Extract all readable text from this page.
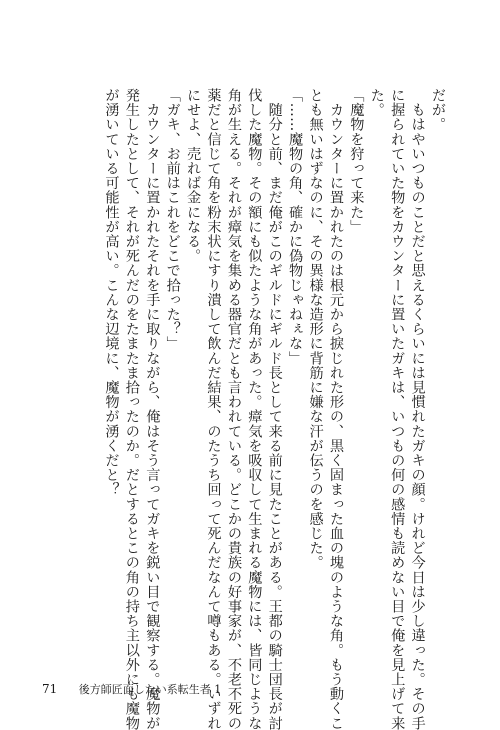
だが。

　もはやいつものことだと思えるくらいには見慣れたガキの顔。けれど今日は少し違った。その手

に握られていた物をカウンターに置いたガキは、いつもの何の感情も読めない目で俺を見上げて来

た。

「魔物を狩って来た」

　カウンターに置かれたのは根元から捩じれた形の、黒く固まった血の塊のような角。もう動くこ

とも無いはずなのに、その異様な造形に背筋に嫌な汗が伝うのを感じた。

「……魔物の角、確かに偽物じゃねぇな」

　随分と前、まだ俺がこのギルドにギルド長として来る前に見たことがある。王都の騎士団長が討

伐した魔物。その額にも似たような角があった。瘴気を吸収して生まれる魔物には、皆同じような

角が生える。それが瘴気を集める器官だとも言われている。どこかの貴族の好事家が、不老不死の

薬だと信じて角を粉末状にすり潰して飲んだ結果、のたうち回って死んだなんて噂もある。いずれ

にせよ、売れば金になる。

「ガキ、お前はこれをどこで拾った？」

　カウンターに置かれたそれを手に取りながら、俺はそう言ってガキを鋭い目で観察する。魔物が

発生したとして、それが死んだのをたまたま拾ったのか。だとするとこの角の持ち主以外にも魔物

が湧いている可能性が高い。こんな辺境に、魔物が湧くだと？

71 後方師匠面したい系転生者 1
